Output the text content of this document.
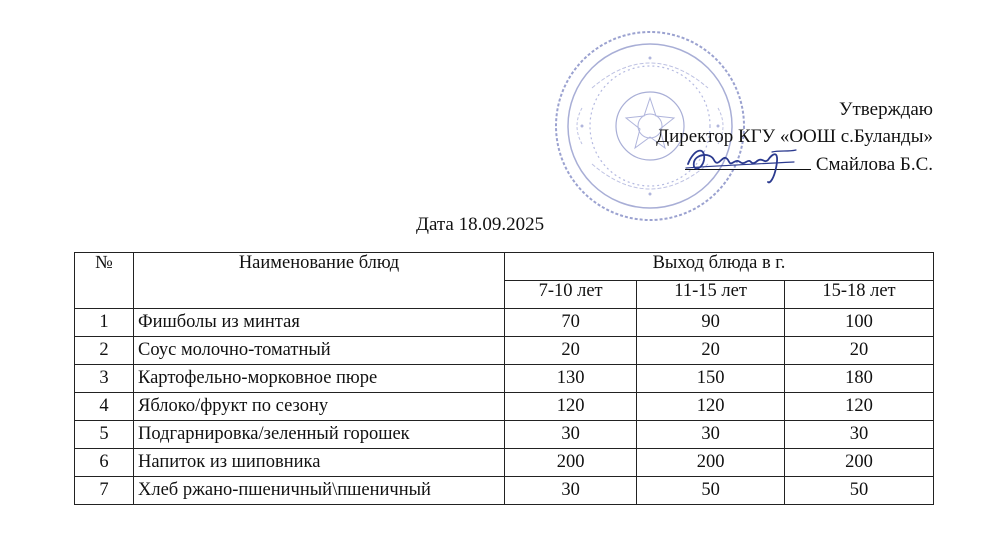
Утверждаю
Директор КГУ «ООШ с.Буланды»
Смайлова Б.С.
Дата 18.09.2025
№	Наименование блюд	Выход блюда в г.		
		7-10 лет	11-15 лет	15-18 лет
1	Фишболы из минтая	70	90	100
2	Соус молочно-томатный	20	20	20
3	Картофельно-морковное пюре	130	150	180
4	Яблоко/фрукт по сезону	120	120	120
5	Подгарнировка/зеленный горошек	30	30	30
6	Напиток из шиповника	200	200	200
7	Хлеб ржано-пшеничный\пшеничный	30	50	50
